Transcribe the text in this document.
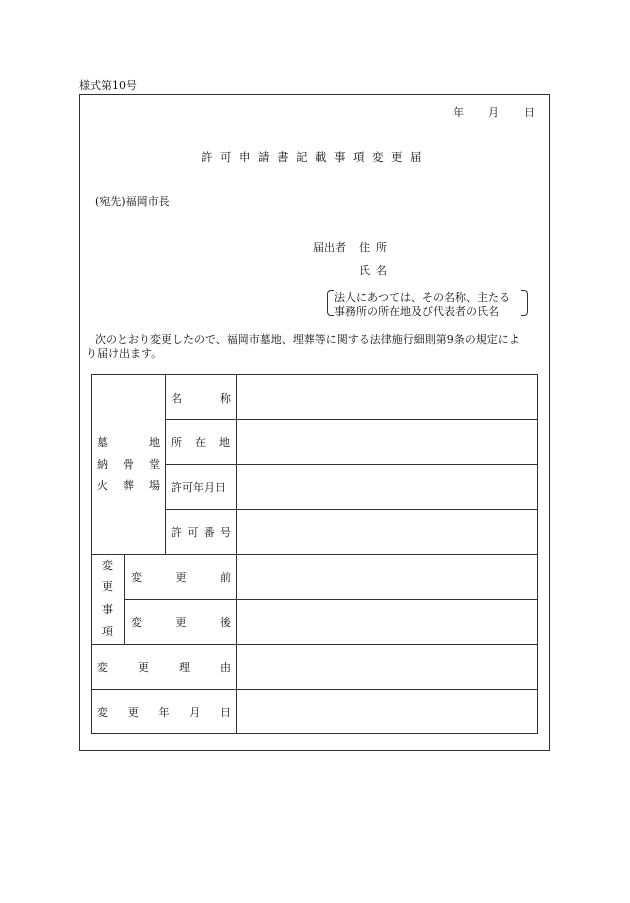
様式第10号
年 月 日
許可申請書記載事項変更届
(宛先)福岡市長
届出者 住所
氏名
法人にあつては、その名称、主たる
事務所の所在地及び代表者の氏名
次のとおり変更したので、福岡市墓地、埋葬等に関する法律施行細則第9条の規定によ
り届け出ます。
墓	地
納 骨 堂
火 葬 場
名　　称
所在地
許可年月日
許可番号
変
更
事
項
変　　更　　前
変　　更　　後
変　　更　　理　　由
変　更　年　月　日
